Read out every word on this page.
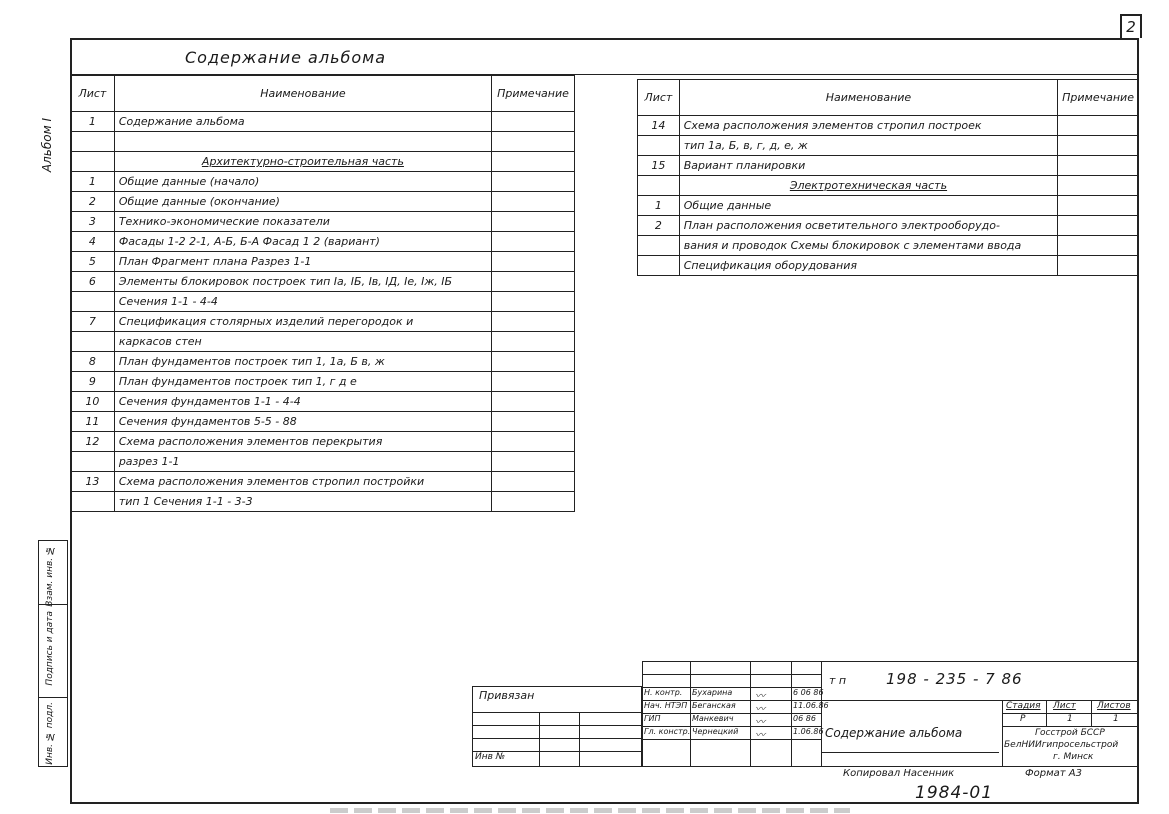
2
Альбом I
Содержание альбома
Лист	Наименование	Примечание
1	Содержание альбома	

	Архитектурно-строительная часть	
1	Общие данные (начало)	
2	Общие данные (окончание)	
3	Технико-экономические показатели	
4	Фасады 1-2 2-1, А-Б, Б-А Фасад 1 2 (вариант)	
5	План Фрагмент плана Разрез 1-1	
6	Элементы блокировок построек тип Iа, IБ, Iв, IД, Iе, Iж, IБ	
	Сечения 1-1 - 4-4	
7	Спецификация столярных изделий перегородок и	
	каркасов стен	
8	План фундаментов построек тип 1, 1а, Б в, ж	
9	План фундаментов построек тип 1, г д е	
10	Сечения фундаментов 1-1 - 4-4	
11	Сечения фундаментов 5-5 - 88	
12	Схема расположения элементов перекрытия	
	разрез 1-1	
13	Схема расположения элементов стропил постройки	
	тип 1 Сечения 1-1 - 3-3	
Лист	Наименование	Примечание
14	Схема расположения элементов стропил построек	
	тип 1а, Б, в, г, д, е, ж	
15	Вариант планировки	
	Электротехническая часть	
1	Общие данные	
2	План расположения осветительного электрооборудо-	
	вания и проводок Схемы блокировок с элементами ввода	
	Спецификация оборудования	
Взам. инв. №
Подпись и дата
Инв. № подл.
Привязан
Инв №
Н. контр. Бухарина	6 06 86
〰
Нач. НТЭП Беганская	11.06.86
〰
ГИП	Манкевич	06 86
〰
Гл. констр. Чернецкий	1.06.86
〰
т п	198 - 235 - 7 86
Содержание альбома
Стадия Лист Листов
Р	1	1
Госстрой БССР
БелНИИгипросельстрой
г. Минск
Копировал Насенник	Формат А3
1984-01
